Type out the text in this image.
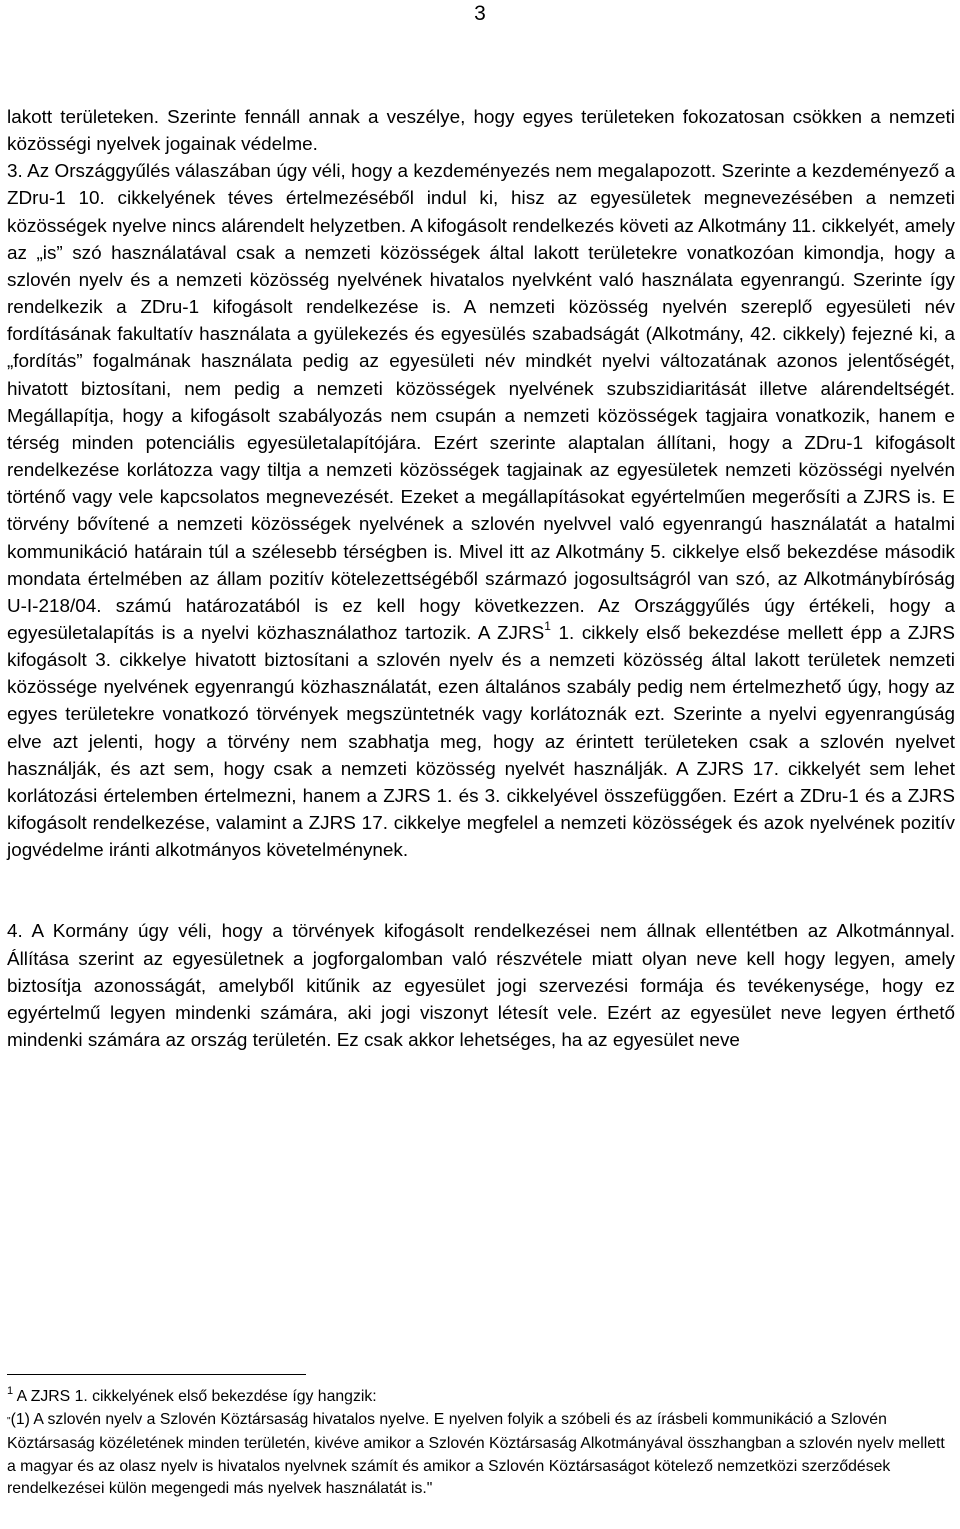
3

lakott területeken. Szerinte fennáll annak a veszélye, hogy egyes területeken fokozatosan csökken a nemzeti közösségi nyelvek jogainak védelme.

3. Az Országgyűlés válaszában úgy véli, hogy a kezdeményezés nem megalapozott. Szerinte a kezdeményező a ZDru-1 10. cikkelyének téves értelmezéséből indul ki, hisz az egyesületek megnevezésében a nemzeti közösségek nyelve nincs alárendelt helyzetben. A kifogásolt rendelkezés követi az Alkotmány 11. cikkelyét, amely az „is” szó használatával csak a nemzeti közösségek által lakott területekre vonatkozóan kimondja, hogy a szlovén nyelv és a nemzeti közösség nyelvének hivatalos nyelvként való használata egyenrangú. Szerinte így rendelkezik a ZDru-1 kifogásolt rendelkezése is. A nemzeti közösség nyelvén szereplő egyesületi név fordításának fakultatív használata a gyülekezés és egyesülés szabadságát (Alkotmány, 42. cikkely) fejezné ki, a „fordítás” fogalmának használata pedig az egyesületi név mindkét nyelvi változatának azonos jelentőségét, hivatott biztosítani, nem pedig a nemzeti közösségek nyelvének szubszidiaritását illetve alárendeltségét. Megállapítja, hogy a kifogásolt szabályozás nem csupán a nemzeti közösségek tagjaira vonatkozik, hanem e térség minden potenciális egyesületalapítójára. Ezért szerinte alaptalan állítani, hogy a ZDru-1 kifogásolt rendelkezése korlátozza vagy tiltja a nemzeti közösségek tagjainak az egyesületek nemzeti közösségi nyelvén történő vagy vele kapcsolatos megnevezését. Ezeket a megállapításokat egyértelműen megerősíti a ZJRS is. E törvény bővítené a nemzeti közösségek nyelvének a szlovén nyelvvel való egyenrangú használatát a hatalmi kommunikáció határain túl a szélesebb térségben is. Mivel itt az Alkotmány 5. cikkelye első bekezdése második mondata értelmében az állam pozitív kötelezettségéből származó jogosultságról van szó, az Alkotmánybíróság U-I-218/04. számú határozatából is ez kell hogy következzen. Az Országgyűlés úgy értékeli, hogy a egyesületalapítás is a nyelvi közhasználathoz tartozik. A ZJRS$^1$ 1. cikkely első bekezdése mellett épp a ZJRS kifogásolt 3. cikkelye hivatott biztosítani a szlovén nyelv és a nemzeti közösség által lakott területek nemzeti közössége nyelvének egyenrangú közhasználatát, ezen általános szabály pedig nem értelmezhető úgy, hogy az egyes területekre vonatkozó törvények megszüntetnék vagy korlátoznák ezt. Szerinte a nyelvi egyenrangúság elve azt jelenti, hogy a törvény nem szabhatja meg, hogy az érintett területeken csak a szlovén nyelvet használják, és azt sem, hogy csak a nemzeti közösség nyelvét használják. A ZJRS 17. cikkelyét sem lehet korlátozási értelemben értelmezni, hanem a ZJRS 1. és 3. cikkelyével összefüggően. Ezért a ZDru-1 és a ZJRS kifogásolt rendelkezése, valamint a ZJRS 17. cikkelye megfelel a nemzeti közösségek és azok nyelvének pozitív jogvédelme iránti alkotmányos követelménynek.

4. A Kormány úgy véli, hogy a törvények kifogásolt rendelkezései nem állnak ellentétben az Alkotmánnyal. Állítása szerint az egyesületnek a jogforgalomban való részvétele miatt olyan neve kell hogy legyen, amely biztosítja azonosságát, amelyből kitűnik az egyesület jogi szervezési formája és tevékenysége, hogy ez egyértelmű legyen mindenki számára, aki jogi viszonyt létesít vele. Ezért az egyesület neve legyen érthető mindenki számára az ország területén. Ez csak akkor lehetséges, ha az egyesület neve

$^1$ A ZJRS 1. cikkelyének első bekezdése így hangzik:

"(1) A szlovén nyelv a Szlovén Köztársaság hivatalos nyelve. E nyelven folyik a szóbeli és az írásbeli kommunikáció a Szlovén Köztársaság közéletének minden területén, kivéve amikor a Szlovén Köztársaság Alkotmányával összhangban a szlovén nyelv mellett a magyar és az olasz nyelv is hivatalos nyelvnek számít és amikor a Szlovén Köztársaságot kötelező nemzetközi szerződések rendelkezései külön megengedi más nyelvek használatát is."
